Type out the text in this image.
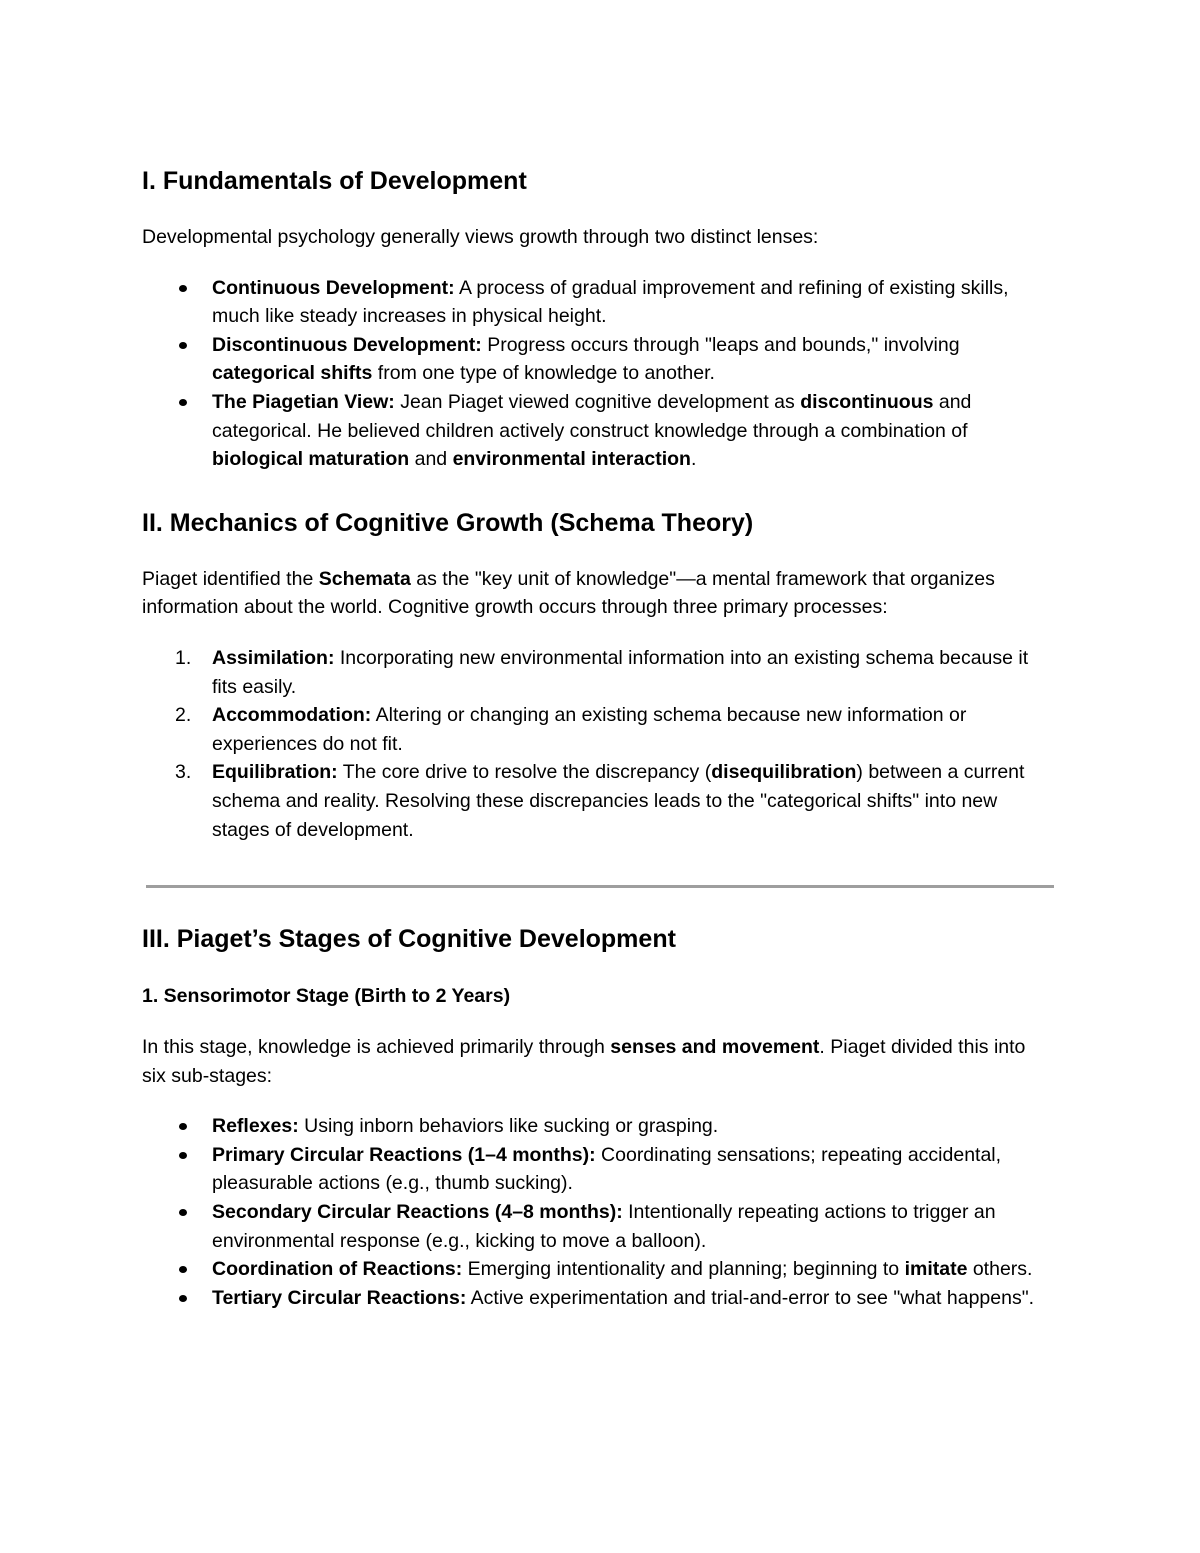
I. Fundamentals of Development

Developmental psychology generally views growth through two distinct lenses:

Continuous Development: A process of gradual improvement and refining of existing skills, much like steady increases in physical height.
Discontinuous Development: Progress occurs through "leaps and bounds," involving categorical shifts from one type of knowledge to another.
The Piagetian View: Jean Piaget viewed cognitive development as discontinuous and categorical. He believed children actively construct knowledge through a combination of biological maturation and environmental interaction.
II. Mechanics of Cognitive Growth (Schema Theory)

Piaget identified the Schemata as the "key unit of knowledge"—a mental framework that organizes information about the world. Cognitive growth occurs through three primary processes:

1. Assimilation: Incorporating new environmental information into an existing schema because it fits easily.
2. Accommodation: Altering or changing an existing schema because new information or experiences do not fit.
3. Equilibration: The core drive to resolve the discrepancy (disequilibration) between a current schema and reality. Resolving these discrepancies leads to the "categorical shifts" into new stages of development.
III. Piaget’s Stages of Cognitive Development
1. Sensorimotor Stage (Birth to 2 Years)

In this stage, knowledge is achieved primarily through senses and movement. Piaget divided this into six sub-stages:

Reflexes: Using inborn behaviors like sucking or grasping.
Primary Circular Reactions (1–4 months): Coordinating sensations; repeating accidental, pleasurable actions (e.g., thumb sucking).
Secondary Circular Reactions (4–8 months): Intentionally repeating actions to trigger an environmental response (e.g., kicking to move a balloon).
Coordination of Reactions: Emerging intentionality and planning; beginning to imitate others.
Tertiary Circular Reactions: Active experimentation and trial-and-error to see "what happens".
